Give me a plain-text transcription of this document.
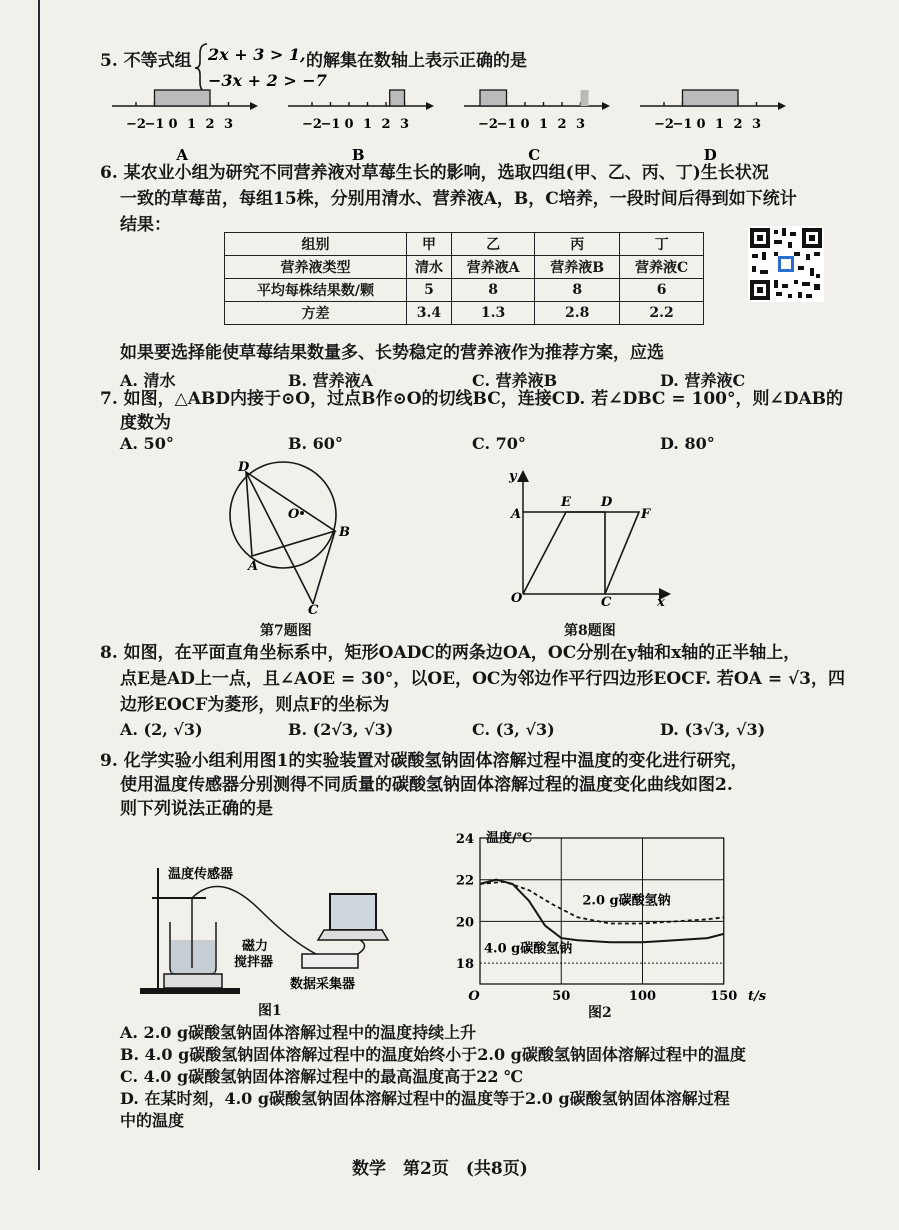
5. 不等式组 2x + 3 > 1,
−3x + 2 > −7
的解集在数轴上表示正确的是
−2
−1 0 1 2 3
A
−2
−1 0 1 2 3
B
−2
−1 0 1 2 3
C
−2
−1 0 1 2 3
D
6. 某农业小组为研究不同营养液对草莓生长的影响，选取四组(甲、乙、丙、丁)生长状况
一致的草莓苗，每组15株，分别用清水、营养液A，B，C培养，一段时间后得到如下统计
结果：
组别	甲	乙	丙	丁
营养液类型	清水	营养液A	营养液B	营养液C
平均每株结果数/颗	5	8	8	6
方差	3.4	1.3	2.8	2.2
如果要选择能使草莓结果数量多、长势稳定的营养液作为推荐方案，应选
A. 清水	B. 营养液A	C. 营养液B	D. 营养液C
7. 如图，△ABD内接于⊙O，过点B作⊙O的切线BC，连接CD. 若∠DBC = 100°，则∠DAB的
度数为
A. 50°	B. 60°	C. 70°	D. 80°
D
O
B
A
C
第7题图
y
x
A
E D
F
O	C
第8题图
8. 如图，在平面直角坐标系中，矩形OADC的两条边OA，OC分别在y轴和x轴的正半轴上，
点E是AD上一点，且∠AOE = 30°，以OE，OC为邻边作平行四边形EOCF. 若OA = √3，四
边形EOCF为菱形，则点F的坐标为
A. (2, √3)	B. (2√3, √3)	C. (3, √3)	D. (3√3, √3)
9. 化学实验小组利用图1的实验装置对碳酸氢钠固体溶解过程中温度的变化进行研究，
使用温度传感器分别测得不同质量的碳酸氢钠固体溶解过程的温度变化曲线如图2.
则下列说法正确的是
温度传感器
磁力
搅拌器
数据采集器
图1
18
20
22
24
O	50	100	150
温度/℃
t/s
2.0 g碳酸氢钠
4.0 g碳酸氢钠
图2
A. 2.0 g碳酸氢钠固体溶解过程中的温度持续上升
B. 4.0 g碳酸氢钠固体溶解过程中的温度始终小于2.0 g碳酸氢钠固体溶解过程中的温度
C. 4.0 g碳酸氢钠固体溶解过程中的最高温度高于22 ℃
D. 在某时刻，4.0 g碳酸氢钠固体溶解过程中的温度等于2.0 g碳酸氢钠固体溶解过程
中的温度
数学　第2页　(共8页)
